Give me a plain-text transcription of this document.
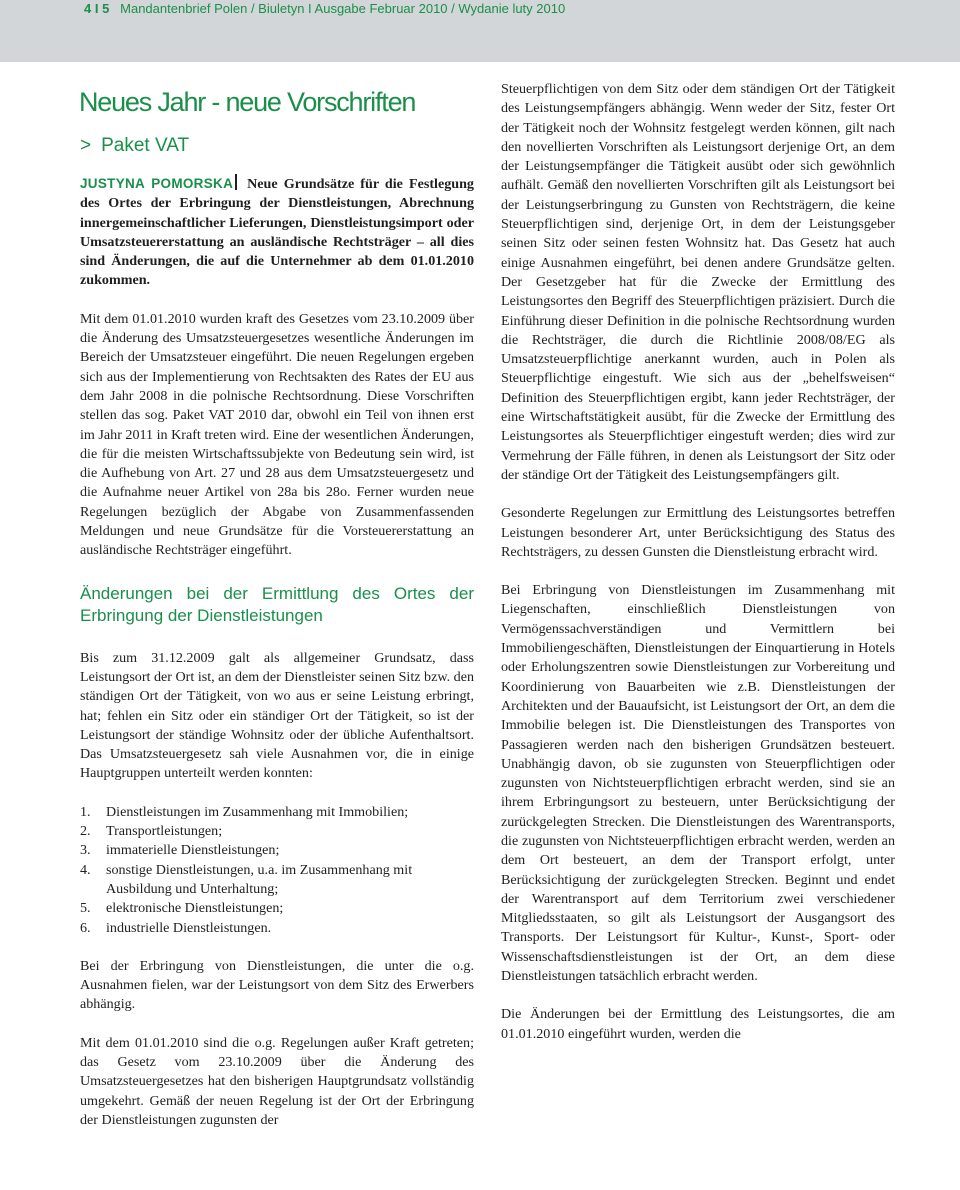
4 I 5 Mandantenbrief Polen / Biuletyn I Ausgabe Februar 2010 / Wydanie luty 2010
Neues Jahr - neue Vorschriften
> Paket VAT

JUSTYNA POMORSKA Neue Grundsätze für die Festlegung des Ortes der Erbringung der Dienstleistungen, Abrechnung innergemeinschaftlicher Lieferungen, Dienstleistungsimport oder Umsatzsteuererstattung an ausländische Rechtsträger – all dies sind Änderungen, die auf die Unternehmer ab dem 01.01.2010 zukommen.

Mit dem 01.01.2010 wurden kraft des Gesetzes vom 23.10.2009 über die Änderung des Umsatzsteuergesetzes wesentliche Änderungen im Bereich der Umsatzsteuer eingeführt. Die neuen Regelungen ergeben sich aus der Implementierung von Rechtsakten des Rates der EU aus dem Jahr 2008 in die polnische Rechtsordnung. Diese Vorschriften stellen das sog. Paket VAT 2010 dar, obwohl ein Teil von ihnen erst im Jahr 2011 in Kraft treten wird. Eine der wesentlichen Änderungen, die für die meisten Wirtschaftssubjekte von Bedeutung sein wird, ist die Aufhebung von Art. 27 und 28 aus dem Umsatzsteuergesetz und die Aufnahme neuer Artikel von 28a bis 28o. Ferner wurden neue Regelungen bezüglich der Abgabe von Zusammenfassenden Meldungen und neue Grundsätze für die Vorsteuererstattung an ausländische Rechtsträger eingeführt.

Änderungen bei der Ermittlung des Ortes der Erbringung der Dienstleistungen

Bis zum 31.12.2009 galt als allgemeiner Grundsatz, dass Leistungsort der Ort ist, an dem der Dienstleister seinen Sitz bzw. den ständigen Ort der Tätigkeit, von wo aus er seine Leistung erbringt, hat; fehlen ein Sitz oder ein ständiger Ort der Tätigkeit, so ist der Leistungsort der ständige Wohnsitz oder der übliche Aufenthaltsort. Das Umsatzsteuergesetz sah viele Ausnahmen vor, die in einige Hauptgruppen unterteilt werden konnten:

1.	Dienstleistungen im Zusammenhang mit Immobilien;
2.	Transportleistungen;
3.	immaterielle Dienstleistungen;
4.	sonstige Dienstleistungen, u.a. im Zusammenhang mit Ausbildung und Unterhaltung;
5.	elektronische Dienstleistungen;
6.	industrielle Dienstleistungen.

Bei der Erbringung von Dienstleistungen, die unter die o.g. Ausnahmen fielen, war der Leistungsort von dem Sitz des Erwerbers abhängig.

Mit dem 01.01.2010 sind die o.g. Regelungen außer Kraft getreten; das Gesetz vom 23.10.2009 über die Änderung des Umsatzsteuergesetzes hat den bisherigen Hauptgrundsatz vollständig umgekehrt. Gemäß der neuen Regelung ist der Ort der Erbringung der Dienstleistungen zugunsten der

Steuerpflichtigen von dem Sitz oder dem ständigen Ort der Tätigkeit des Leistungsempfängers abhängig. Wenn weder der Sitz, fester Ort der Tätigkeit noch der Wohnsitz festgelegt werden können, gilt nach den novellierten Vorschriften als Leistungsort derjenige Ort, an dem der Leistungsempfänger die Tätigkeit ausübt oder sich gewöhnlich aufhält. Gemäß den novellierten Vorschriften gilt als Leistungsort bei der Leistungserbringung zu Gunsten von Rechtsträgern, die keine Steuerpflichtigen sind, derjenige Ort, in dem der Leistungsgeber seinen Sitz oder seinen festen Wohnsitz hat. Das Gesetz hat auch einige Ausnahmen eingeführt, bei denen andere Grundsätze gelten. Der Gesetzgeber hat für die Zwecke der Ermittlung des Leistungsortes den Begriff des Steuerpflichtigen präzisiert. Durch die Einführung dieser Definition in die polnische Rechtsordnung wurden die Rechtsträger, die durch die Richtlinie 2008/08/EG als Umsatzsteuerpflichtige anerkannt wurden, auch in Polen als Steuerpflichtige eingestuft. Wie sich aus der „behelfsweisen“ Definition des Steuerpflichtigen ergibt, kann jeder Rechtsträger, der eine Wirtschaftstätigkeit ausübt, für die Zwecke der Ermittlung des Leistungsortes als Steuerpflichtiger eingestuft werden; dies wird zur Vermehrung der Fälle führen, in denen als Leistungsort der Sitz oder der ständige Ort der Tätigkeit des Leistungsempfängers gilt.

Gesonderte Regelungen zur Ermittlung des Leistungsortes betreffen Leistungen besonderer Art, unter Berücksichtigung des Status des Rechtsträgers, zu dessen Gunsten die Dienstleistung erbracht wird.

Bei Erbringung von Dienstleistungen im Zusammenhang mit Liegenschaften, einschließlich Dienstleistungen von Vermögenssachverständigen und Vermittlern bei Immobiliengeschäften, Dienstleistungen der Einquartierung in Hotels oder Erholungszentren sowie Dienstleistungen zur Vorbereitung und Koordinierung von Bauarbeiten wie z.B. Dienstleistungen der Architekten und der Bauaufsicht, ist Leistungsort der Ort, an dem die Immobilie belegen ist. Die Dienstleistungen des Transportes von Passagieren werden nach den bisherigen Grundsätzen besteuert. Unabhängig davon, ob sie zugunsten von Steuerpflichtigen oder zugunsten von Nichtsteuerpflichtigen erbracht werden, sind sie an ihrem Erbringungsort zu besteuern, unter Berücksichtigung der zurückgelegten Strecken. Die Dienstleistungen des Warentransports, die zugunsten von Nichtsteuerpflichtigen erbracht werden, werden an dem Ort besteuert, an dem der Transport erfolgt, unter Berücksichtigung der zurückgelegten Strecken. Beginnt und endet der Warentransport auf dem Territorium zwei verschiedener Mitgliedsstaaten, so gilt als Leistungsort der Ausgangsort des Transports. Der Leistungsort für Kultur-, Kunst-, Sport- oder Wissenschaftsdienstleistungen ist der Ort, an dem diese Dienstleistungen tatsächlich erbracht werden.

Die Änderungen bei der Ermittlung des Leistungsortes, die am 01.01.2010 eingeführt wurden, werden die
